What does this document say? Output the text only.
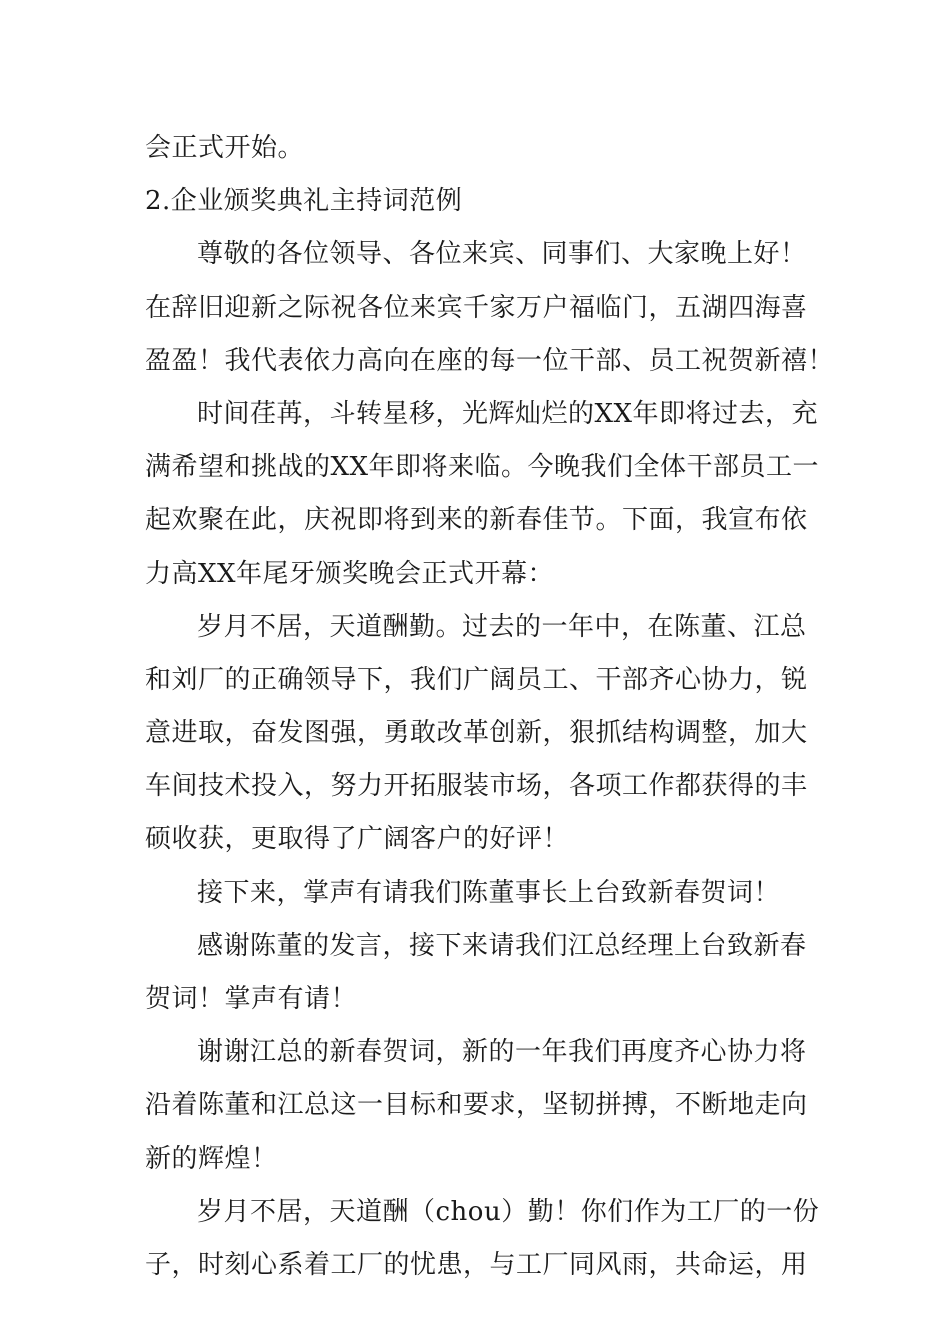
会正式开始。
2.企业颁奖典礼主持词范例
尊敬的各位领导、各位来宾、同事们、大家晚上好！
在辞旧迎新之际祝各位来宾千家万户福临门，五湖四海喜
盈盈！我代表依力高向在座的每一位干部、员工祝贺新禧！
时间荏苒，斗转星移，光辉灿烂的XX年即将过去，充
满希望和挑战的XX年即将来临。今晚我们全体干部员工一
起欢聚在此，庆祝即将到来的新春佳节。下面，我宣布依
力高XX年尾牙颁奖晚会正式开幕：
岁月不居，天道酬勤。过去的一年中，在陈董、江总
和刘厂的正确领导下，我们广阔员工、干部齐心协力，锐
意进取，奋发图强，勇敢改革创新，狠抓结构调整，加大
车间技术投入，努力开拓服装市场，各项工作都获得的丰
硕收获，更取得了广阔客户的好评！
接下来，掌声有请我们陈董事长上台致新春贺词！
感谢陈董的发言，接下来请我们江总经理上台致新春
贺词！掌声有请！
谢谢江总的新春贺词，新的一年我们再度齐心协力将
沿着陈董和江总这一目标和要求，坚韧拼搏，不断地走向
新的辉煌！
岁月不居，天道酬（chou）勤！你们作为工厂的一份
子，时刻心系着工厂的忧患，与工厂同风雨，共命运，用
